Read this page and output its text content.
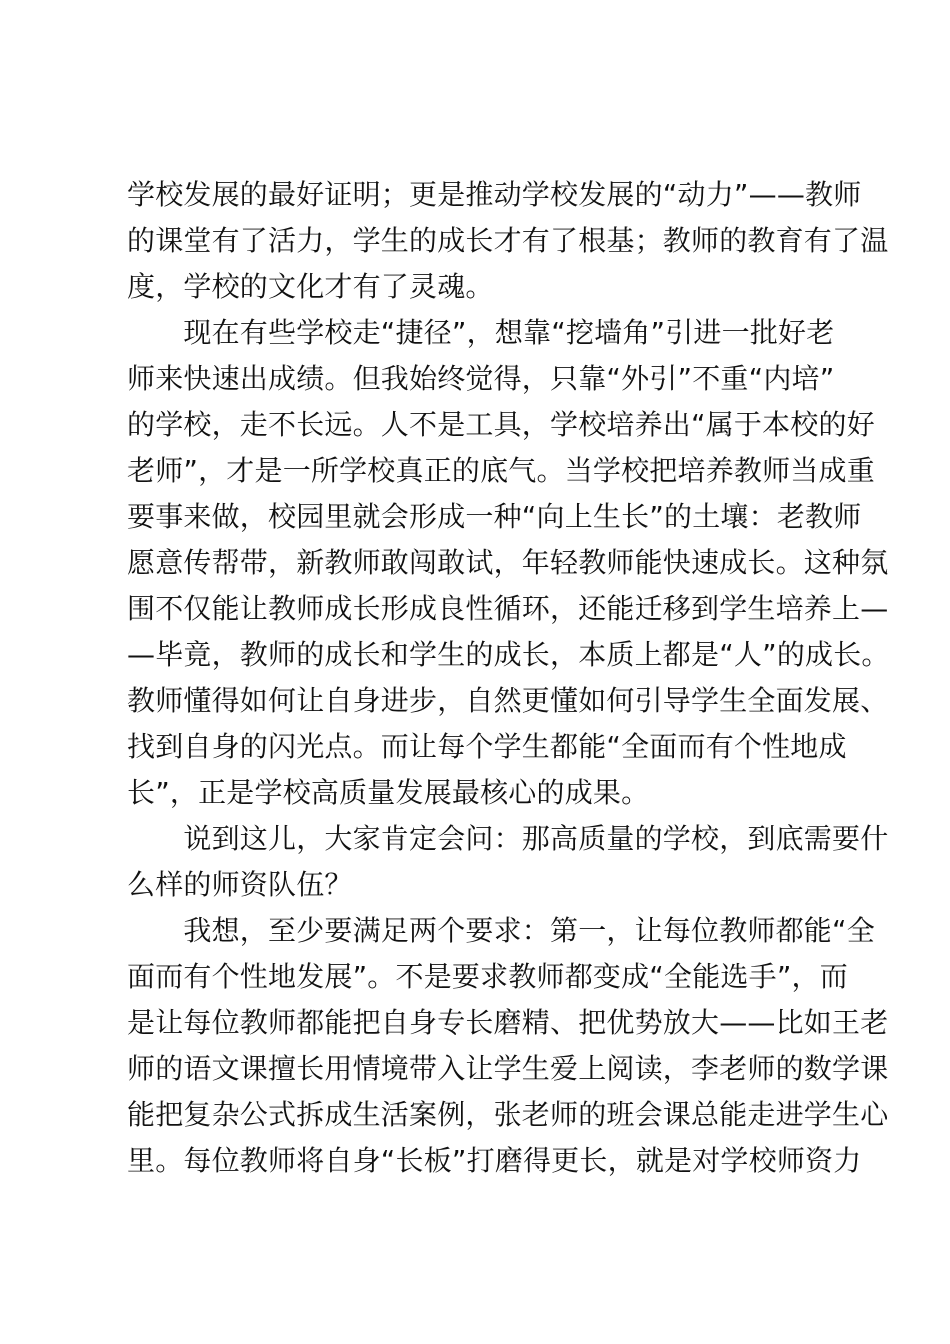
学校发展的最好证明；更是推动学校发展的“动力”——教师
的课堂有了活力，学生的成长才有了根基；教师的教育有了温
度，学校的文化才有了灵魂。
　　现在有些学校走“捷径”，想靠“挖墙角”引进一批好老
师来快速出成绩。但我始终觉得，只靠“外引”不重“内培”
的学校，走不长远。人不是工具，学校培养出“属于本校的好
老师”，才是一所学校真正的底气。当学校把培养教师当成重
要事来做，校园里就会形成一种“向上生长”的土壤：老教师
愿意传帮带，新教师敢闯敢试，年轻教师能快速成长。这种氛
围不仅能让教师成长形成良性循环，还能迁移到学生培养上—
—毕竟，教师的成长和学生的成长，本质上都是“人”的成长。
教师懂得如何让自身进步，自然更懂如何引导学生全面发展、
找到自身的闪光点。而让每个学生都能“全面而有个性地成
长”，正是学校高质量发展最核心的成果。
　　说到这儿，大家肯定会问：那高质量的学校，到底需要什
么样的师资队伍？
　　我想，至少要满足两个要求：第一，让每位教师都能“全
面而有个性地发展”。不是要求教师都变成“全能选手”，而
是让每位教师都能把自身专长磨精、把优势放大——比如王老
师的语文课擅长用情境带入让学生爱上阅读，李老师的数学课
能把复杂公式拆成生活案例，张老师的班会课总能走进学生心
里。每位教师将自身“长板”打磨得更长，就是对学校师资力
